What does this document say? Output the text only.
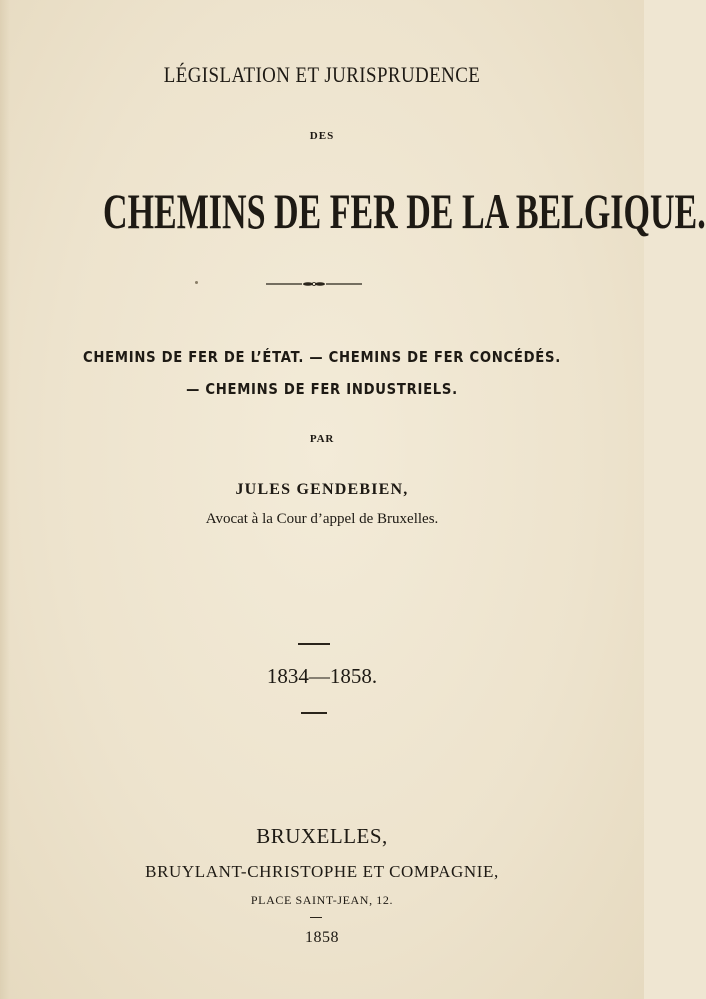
LÉGISLATION ET JURISPRUDENCE
DES
CHEMINS DE FER DE LA BELGIQUE.
CHEMINS DE FER DE L’ÉTAT. — CHEMINS DE FER CONCÉDÉS.
— CHEMINS DE FER INDUSTRIELS.
PAR
JULES GENDEBIEN,
Avocat à la Cour d’appel de Bruxelles.
1834—1858.
BRUXELLES,
BRUYLANT-CHRISTOPHE ET COMPAGNIE,
PLACE SAINT-JEAN, 12.
1858
